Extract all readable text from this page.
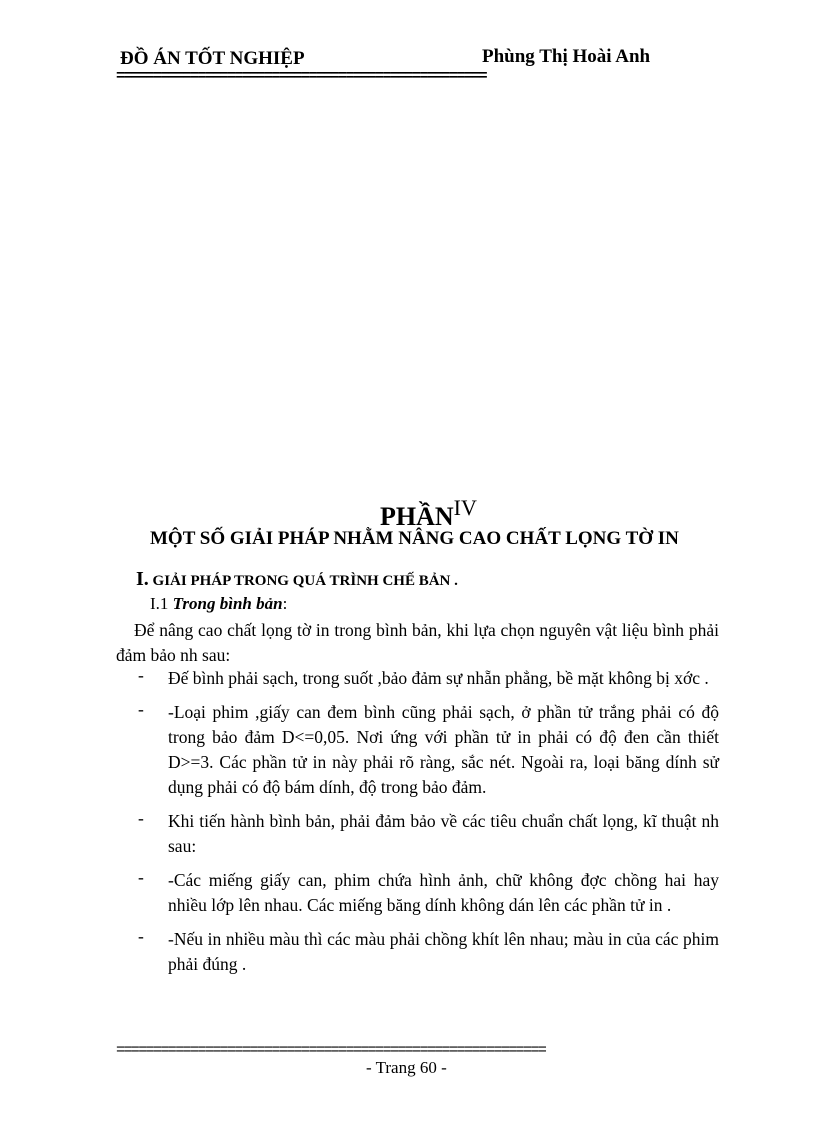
ĐỒ ÁN TỐT NGHIỆP	Phùng Thị Hoài Anh
==================================================
PHẦN$^{IV}$
MỘT SỐ GIẢI PHÁP NHẰM NÂNG CAO CHẤT LỌNG TỜ IN
I. GIẢI PHÁP TRONG QUÁ TRÌNH CHẾ BẢN .
I.1 Trong bình bản:
Để nâng cao chất lọng tờ in trong bình bản, khi lựa chọn nguyên vật liệu bình phải đảm bảo nh sau:
- Đế bình phải sạch, trong suốt ,bảo đảm sự nhẵn phẳng, bề mặt không bị xớc .
- -Loại phim ,giấy can đem bình cũng phải sạch, ở phần tử trắng phải có độ trong bảo đảm D<=0,05. Nơi ứng với phần tử in phải có độ đen cần thiết D>=3. Các phần tử in này phải rõ ràng, sắc nét. Ngoài ra, loại băng dính sử dụng phải có độ bám dính, độ trong bảo đảm.
- Khi tiến hành bình bản, phải đảm bảo về các tiêu chuẩn chất lọng, kĩ thuật nh sau:
- -Các miếng giấy can, phim chứa hình ảnh, chữ không đợc chồng hai hay nhiều lớp lên nhau. Các miếng băng dính không dán lên các phần tử in .
- -Nếu in nhiều màu thì các màu phải chồng khít lên nhau; màu in của các phim phải đúng .
==========================================================
- Trang 60 -
